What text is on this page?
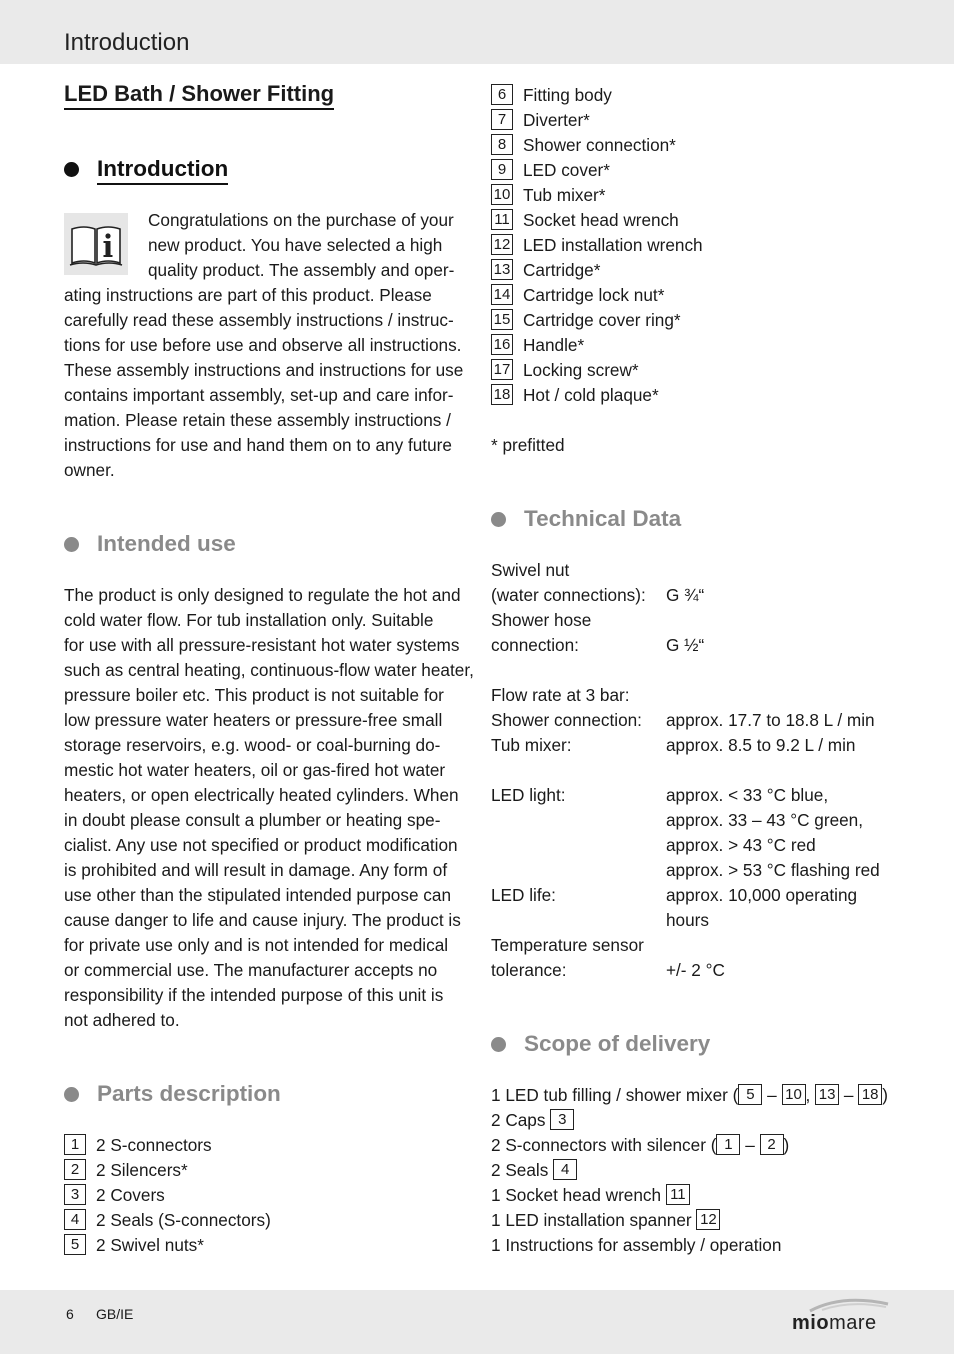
Introduction
LED Bath / Shower Fitting
Introduction
Congratulations on the purchase of your
new product. You have selected a high
quality product. The assembly and oper-
ating instructions are part of this product. Please
carefully read these assembly instructions / instruc-
tions for use before use and observe all instructions.
These assembly instructions and instructions for use
contains important assembly, set-up and care infor-
mation. Please retain these assembly instructions /
instructions for use and hand them on to any future
owner.
Intended use
The product is only designed to regulate the hot and
cold water flow. For tub installation only. Suitable
for use with all pressure-resistant hot water systems
such as central heating, continuous-flow water heater,
pressure boiler etc. This product is not suitable for
low pressure water heaters or pressure-free small
storage reservoirs, e.g. wood- or coal-burning do-
mestic hot water heaters, oil or gas-fired hot water
heaters, or open electrically heated cylinders. When
in doubt please consult a plumber or heating spe-
cialist. Any use not specified or product modification
is prohibited and will result in damage. Any form of
use other than the stipulated intended purpose can
cause danger to life and cause injury. The product is
for private use only and is not intended for medical
or commercial use. The manufacturer accepts no
responsibility if the intended purpose of this unit is
not adhered to.
Parts description
1 2 S-connectors
2 2 Silencers*
3 2 Covers
4 2 Seals (S-connectors)
5 2 Swivel nuts*
6 Fitting body
7 Diverter*
8 Shower connection*
9 LED cover*
10 Tub mixer*
11 Socket head wrench
12 LED installation wrench
13 Cartridge*
14 Cartridge lock nut*
15 Cartridge cover ring*
16 Handle*
17 Locking screw*
18 Hot / cold plaque*
* prefitted
Technical Data
Swivel nut
(water connections): G ¾“
Shower hose
connection:	G ½“
Flow rate at 3 bar:
Shower connection: approx. 17.7 to 18.8 L / min
Tub mixer:	approx. 8.5 to 9.2 L / min
LED light:	approx. < 33 °C blue,
approx. 33 – 43 °C green,
approx. > 43 °C red
approx. > 53 °C flashing red
LED life:	approx. 10,000 operating
hours
Temperature sensor
tolerance:	+/- 2 °C
Scope of delivery
1 LED tub filling / shower mixer ( 5 – 10 , 13 – 18 )
2 Caps 3
2 S-connectors with silencer ( 1 – 2 )
2 Seals 4
1 Socket head wrench 11
1 LED installation spanner 12
1 Instructions for assembly / operation
6 GB/IE	miomare
